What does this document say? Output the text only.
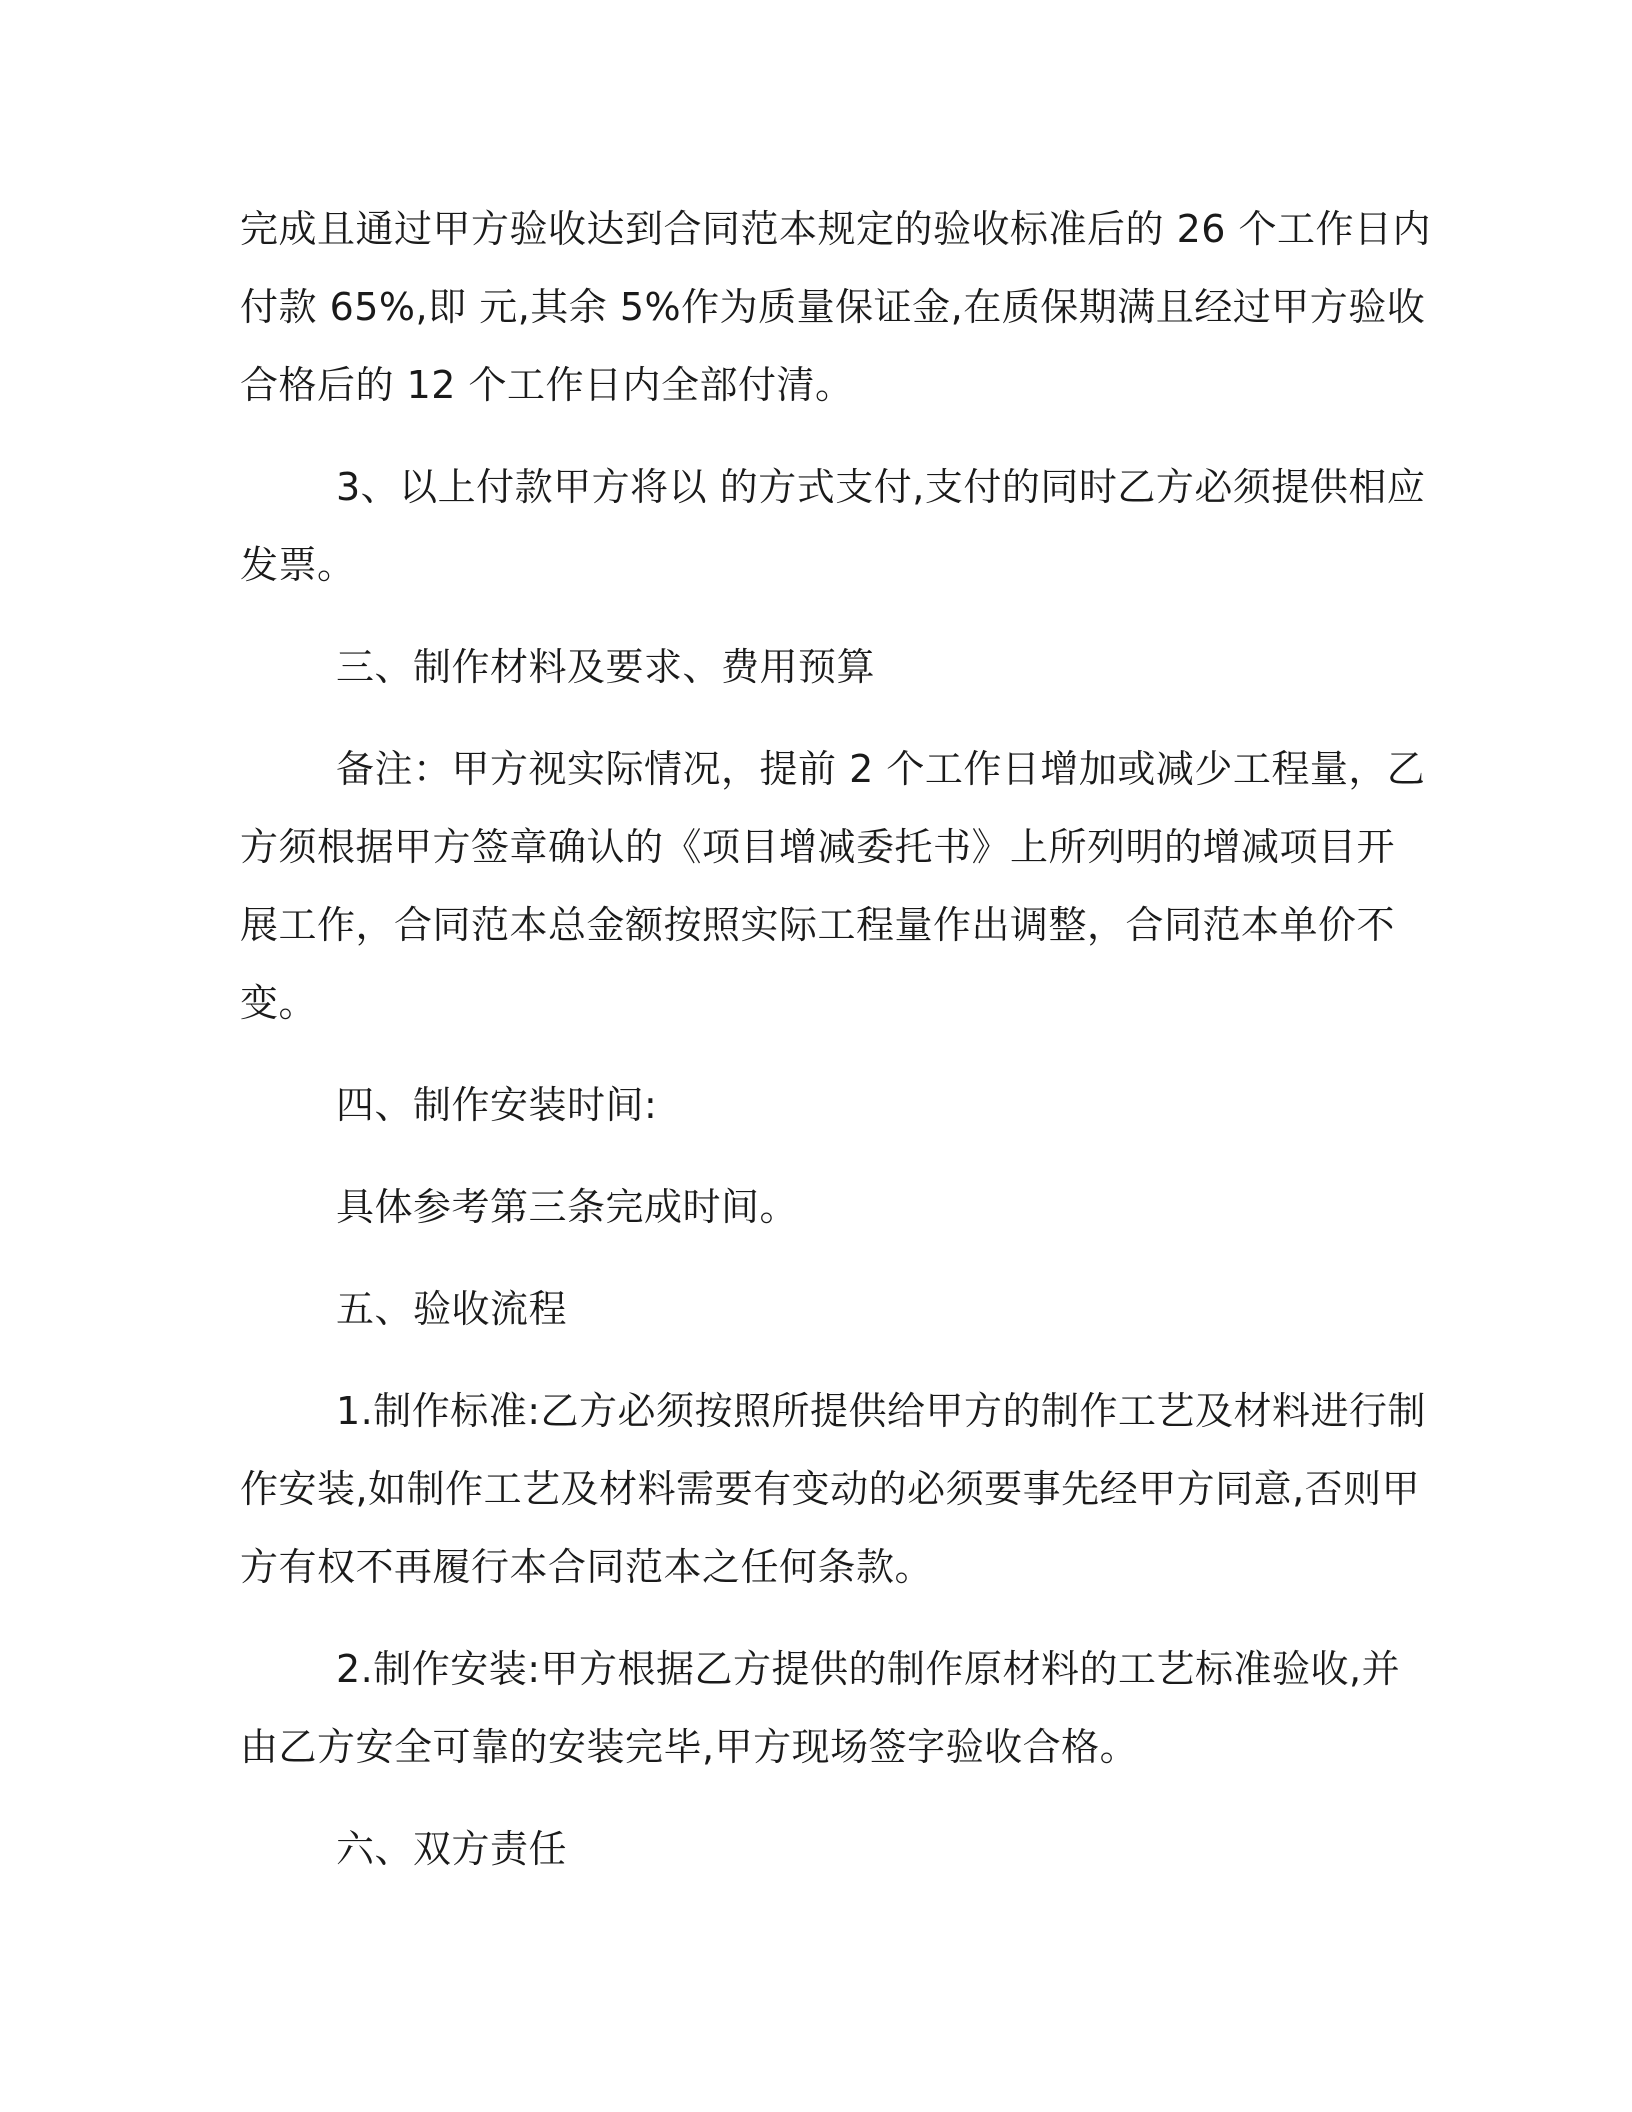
完成且通过甲方验收达到合同范本规定的验收标准后的 26 个工作日内
付款 65%,即 元,其余 5%作为质量保证金,在质保期满且经过甲方验收
合格后的 12 个工作日内全部付清。
3、以上付款甲方将以 的方式支付,支付的同时乙方必须提供相应
发票。
三、制作材料及要求、费用预算
备注：甲方视实际情况，提前 2 个工作日增加或减少工程量，乙
方须根据甲方签章确认的《项目增减委托书》上所列明的增减项目开
展工作，合同范本总金额按照实际工程量作出调整，合同范本单价不
变。
四、制作安装时间:
具体参考第三条完成时间。
五、验收流程
1.制作标准:乙方必须按照所提供给甲方的制作工艺及材料进行制
作安装,如制作工艺及材料需要有变动的必须要事先经甲方同意,否则甲
方有权不再履行本合同范本之任何条款。
2.制作安装:甲方根据乙方提供的制作原材料的工艺标准验收,并
由乙方安全可靠的安装完毕,甲方现场签字验收合格。
六、双方责任
